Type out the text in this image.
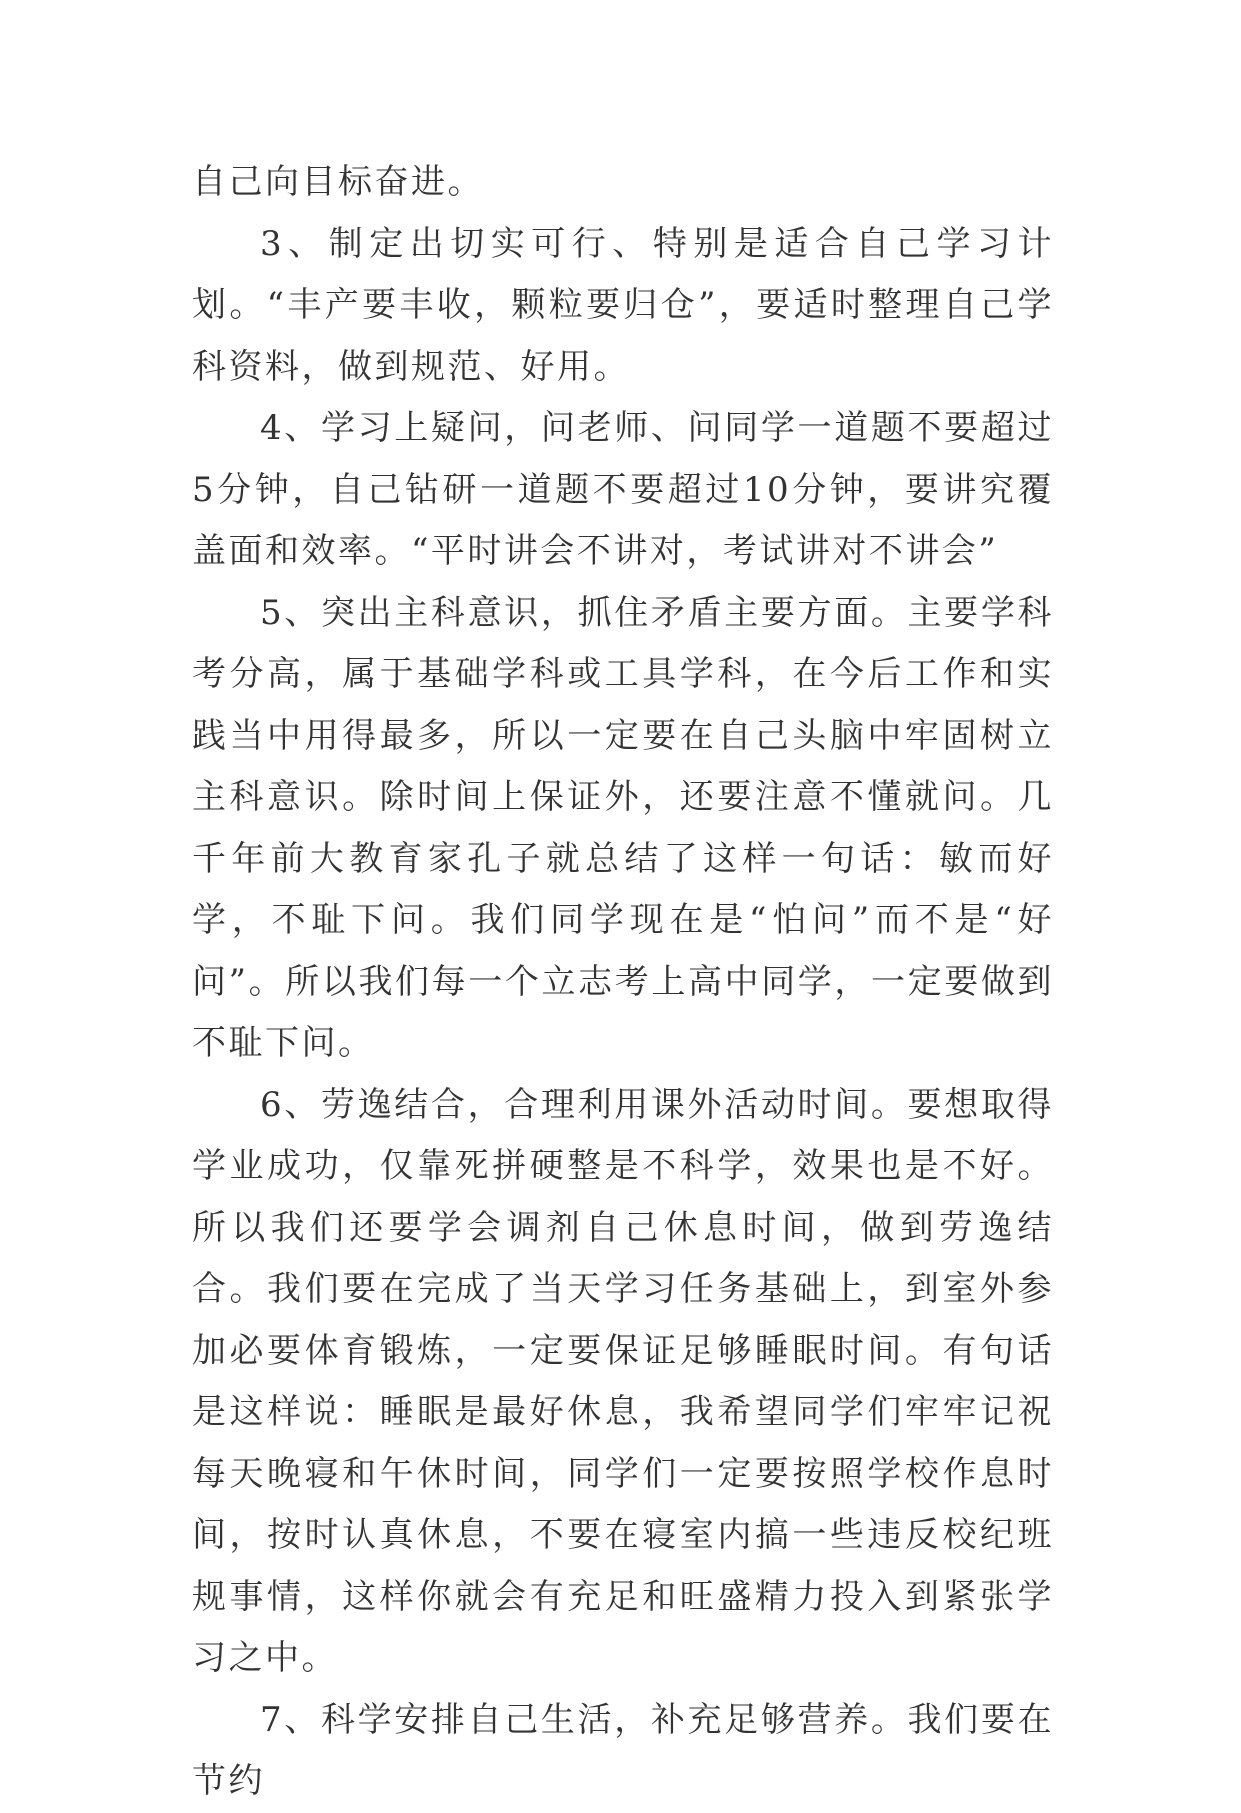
自己向目标奋进。

3、制定出切实可行、特别是适合自己学习计划。“丰产要丰收，颗粒要归仓”，要适时整理自己学科资料，做到规范、好用。

4、学习上疑问，问老师、问同学一道题不要超过5分钟，自己钻研一道题不要超过10分钟，要讲究覆盖面和效率。“平时讲会不讲对，考试讲对不讲会”

5、突出主科意识，抓住矛盾主要方面。主要学科考分高，属于基础学科或工具学科，在今后工作和实践当中用得最多，所以一定要在自己头脑中牢固树立主科意识。除时间上保证外，还要注意不懂就问。几千年前大教育家孔子就总结了这样一句话：敏而好学，不耻下问。我们同学现在是“怕问”而不是“好问”。所以我们每一个立志考上高中同学，一定要做到不耻下问。

6、劳逸结合，合理利用课外活动时间。要想取得学业成功，仅靠死拼硬整是不科学，效果也是不好。所以我们还要学会调剂自己休息时间，做到劳逸结合。我们要在完成了当天学习任务基础上，到室外参加必要体育锻炼，一定要保证足够睡眠时间。有句话是这样说：睡眠是最好休息，我希望同学们牢牢记祝每天晚寝和午休时间，同学们一定要按照学校作息时间，按时认真休息，不要在寝室内搞一些违反校纪班规事情，这样你就会有充足和旺盛精力投入到紧张学习之中。

7、科学安排自己生活，补充足够营养。我们要在节约
